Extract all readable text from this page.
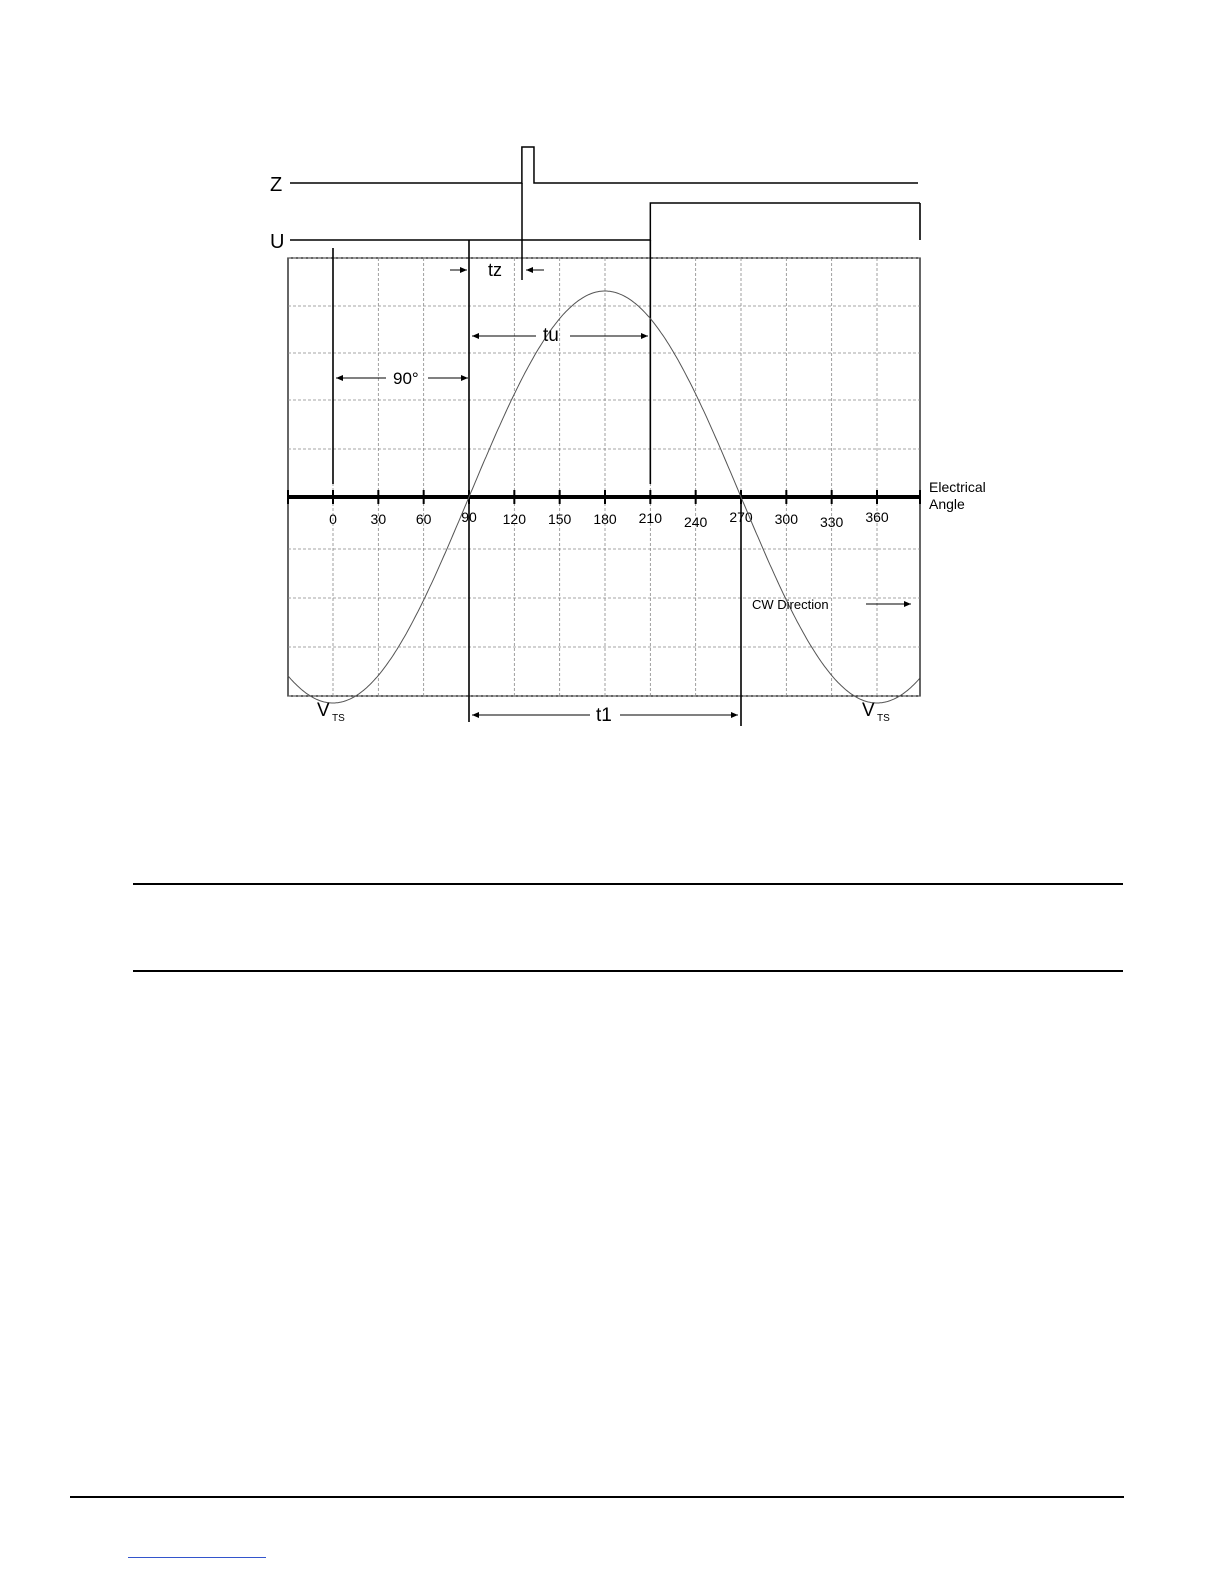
0 30 60 90 120 150 180 210 240 270 300 330 360
Z
U
Electrical
Angle
tz
tu
90°
t1
CW Direction
V TS	V TS
